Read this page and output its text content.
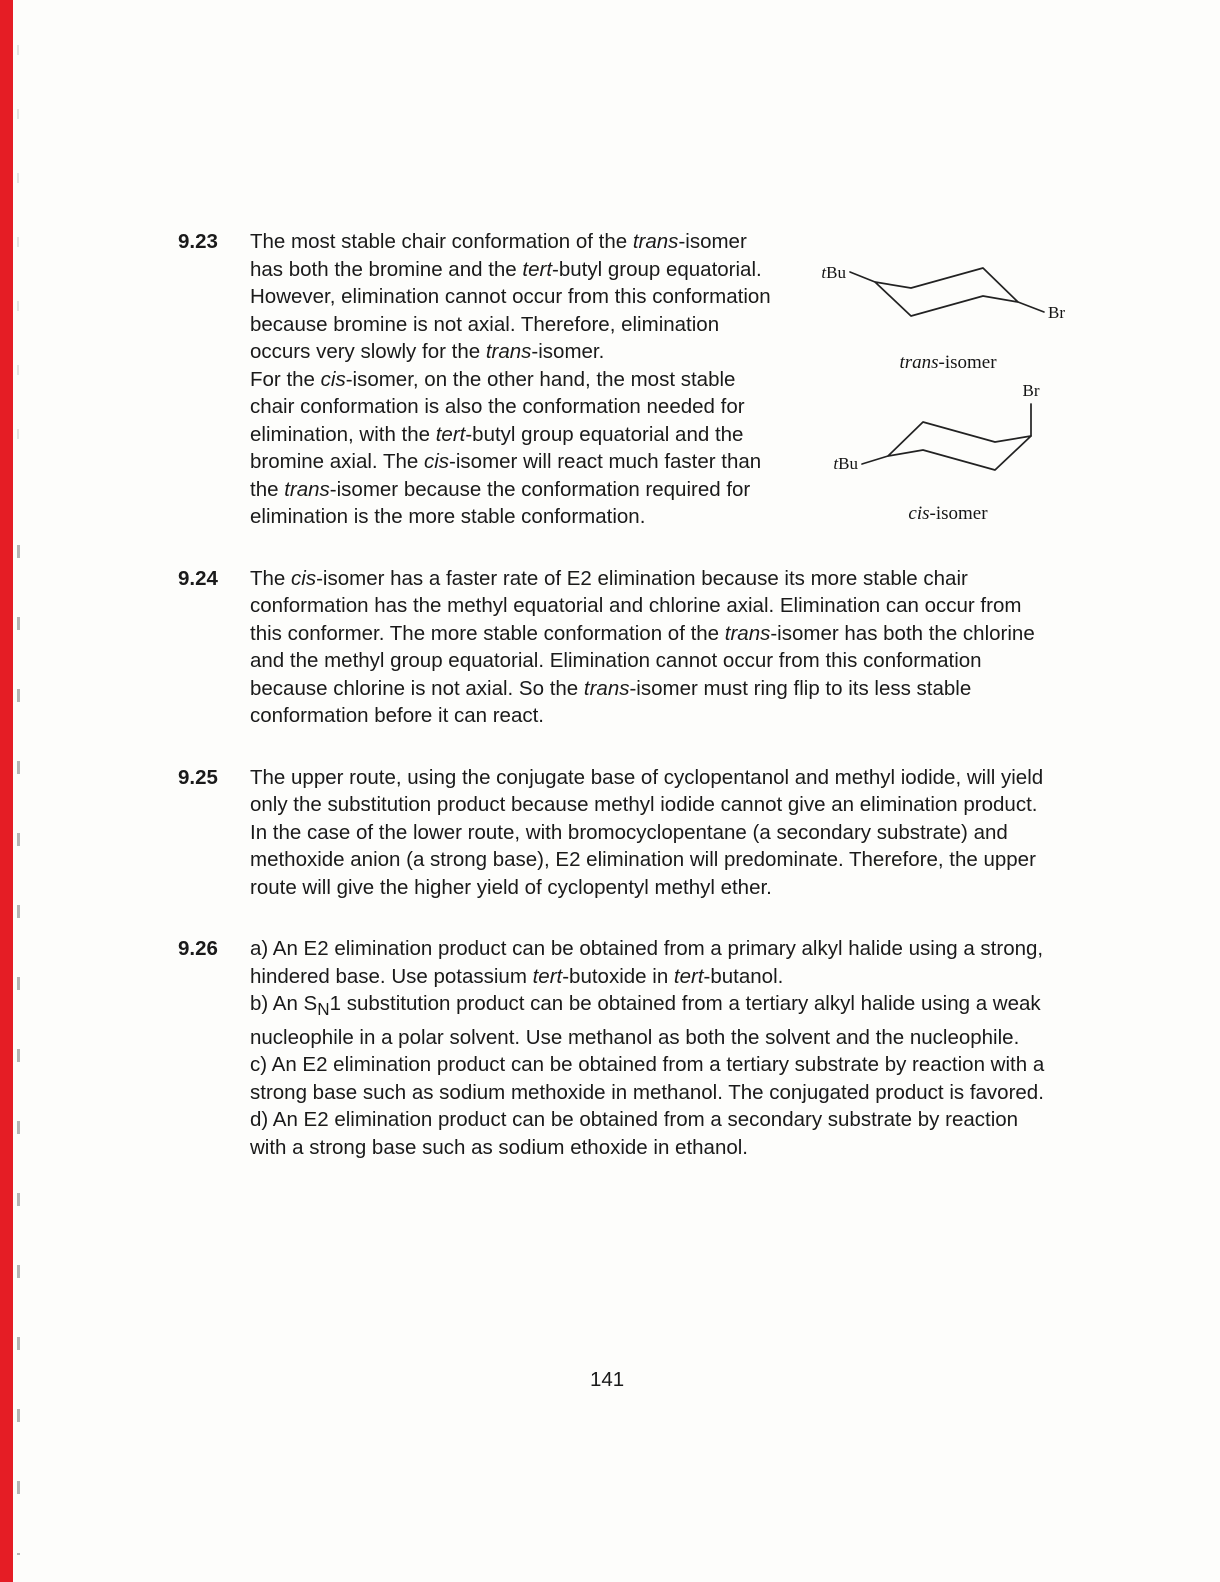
9.23	The most stable chair conformation of the trans-isomer has both the bromine and the tert-butyl group equatorial. However, elimination cannot occur from this conformation because bromine is not axial. Therefore, elimination occurs very slowly for the trans-isomer.

For the cis-isomer, on the other hand, the most stable chair conformation is also the conformation needed for elimination, with the tert-butyl group equatorial and the bromine axial. The cis-isomer will react much faster than the trans-isomer because the conformation required for elimination is the more stable conformation.

tBu
Br
trans-isomer
tBu
Br
cis-isomer
9.24	The cis-isomer has a faster rate of E2 elimination because its more stable chair conformation has the methyl equatorial and chlorine axial. Elimination can occur from this conformer. The more stable conformation of the trans-isomer has both the chlorine and the methyl group equatorial. Elimination cannot occur from this conformation because chlorine is not axial. So the trans-isomer must ring flip to its less stable conformation before it can react.

9.25	The upper route, using the conjugate base of cyclopentanol and methyl iodide, will yield only the substitution product because methyl iodide cannot give an elimination product. In the case of the lower route, with bromocyclopentane (a secondary substrate) and methoxide anion (a strong base), E2 elimination will predominate. Therefore, the upper route will give the higher yield of cyclopentyl methyl ether.

9.26	a) An E2 elimination product can be obtained from a primary alkyl halide using a strong, hindered base. Use potassium tert-butoxide in tert-butanol.

b) An $S_N1$ substitution product can be obtained from a tertiary alkyl halide using a weak nucleophile in a polar solvent. Use methanol as both the solvent and the nucleophile.

c) An E2 elimination product can be obtained from a tertiary substrate by reaction with a strong base such as sodium methoxide in methanol. The conjugated product is favored.

d) An E2 elimination product can be obtained from a secondary substrate by reaction with a strong base such as sodium ethoxide in ethanol.

141
